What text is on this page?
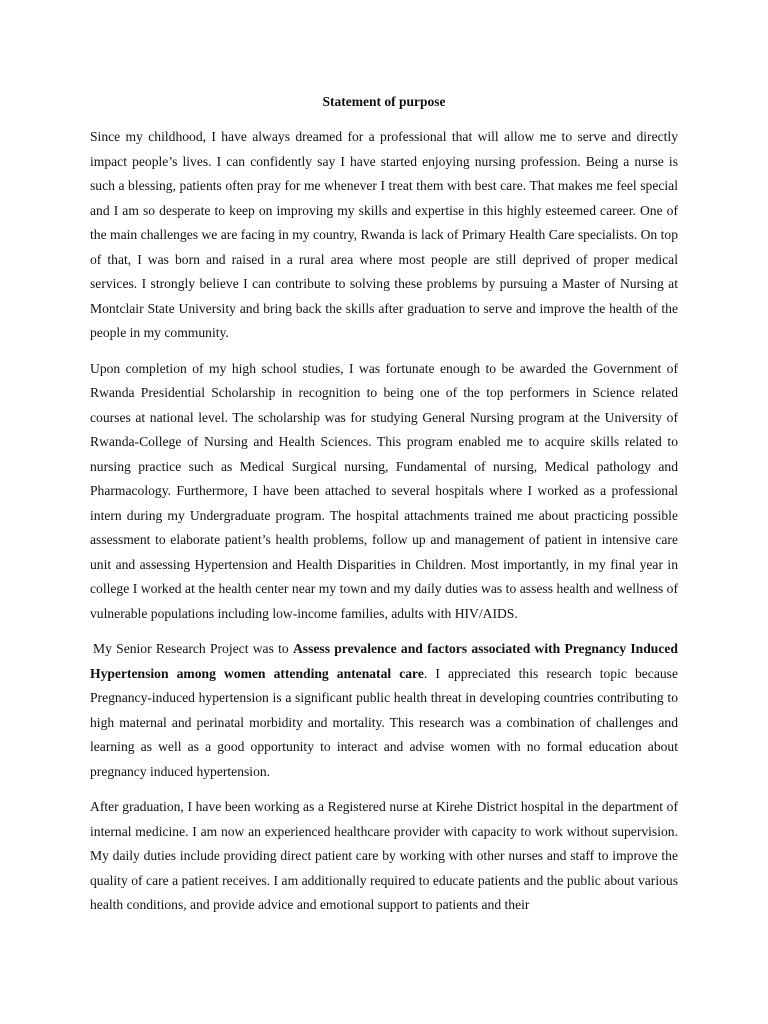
Statement of purpose

Since my childhood, I have always dreamed for a professional that will allow me to serve and directly impact people’s lives. I can confidently say I have started enjoying nursing profession. Being a nurse is such a blessing, patients often pray for me whenever I treat them with best care. That makes me feel special and I am so desperate to keep on improving my skills and expertise in this highly esteemed career. One of the main challenges we are facing in my country, Rwanda is lack of Primary Health Care specialists. On top of that, I was born and raised in a rural area where most people are still deprived of proper medical services. I strongly believe I can contribute to solving these problems by pursuing a Master of Nursing at Montclair State University and bring back the skills after graduation to serve and improve the health of the people in my community.

Upon completion of my high school studies, I was fortunate enough to be awarded the Government of Rwanda Presidential Scholarship in recognition to being one of the top performers in Science related courses at national level. The scholarship was for studying General Nursing program at the University of Rwanda-College of Nursing and Health Sciences. This program enabled me to acquire skills related to nursing practice such as Medical Surgical nursing, Fundamental of nursing, Medical pathology and Pharmacology. Furthermore, I have been attached to several hospitals where I worked as a professional intern during my Undergraduate program. The hospital attachments trained me about practicing possible assessment to elaborate patient’s health problems, follow up and management of patient in intensive care unit and assessing Hypertension and Health Disparities in Children. Most importantly, in my final year in college I worked at the health center near my town and my daily duties was to assess health and wellness of vulnerable populations including low-income families, adults with HIV/AIDS.

My Senior Research Project was to Assess prevalence and factors associated with Pregnancy Induced Hypertension among women attending antenatal care. I appreciated this research topic because Pregnancy-induced hypertension is a significant public health threat in developing countries contributing to high maternal and perinatal morbidity and mortality. This research was a combination of challenges and learning as well as a good opportunity to interact and advise women with no formal education about pregnancy induced hypertension.

After graduation, I have been working as a Registered nurse at Kirehe District hospital in the department of internal medicine. I am now an experienced healthcare provider with capacity to work without supervision. My daily duties include providing direct patient care by working with other nurses and staff to improve the quality of care a patient receives. I am additionally required to educate patients and the public about various health conditions, and provide advice and emotional support to patients and their
